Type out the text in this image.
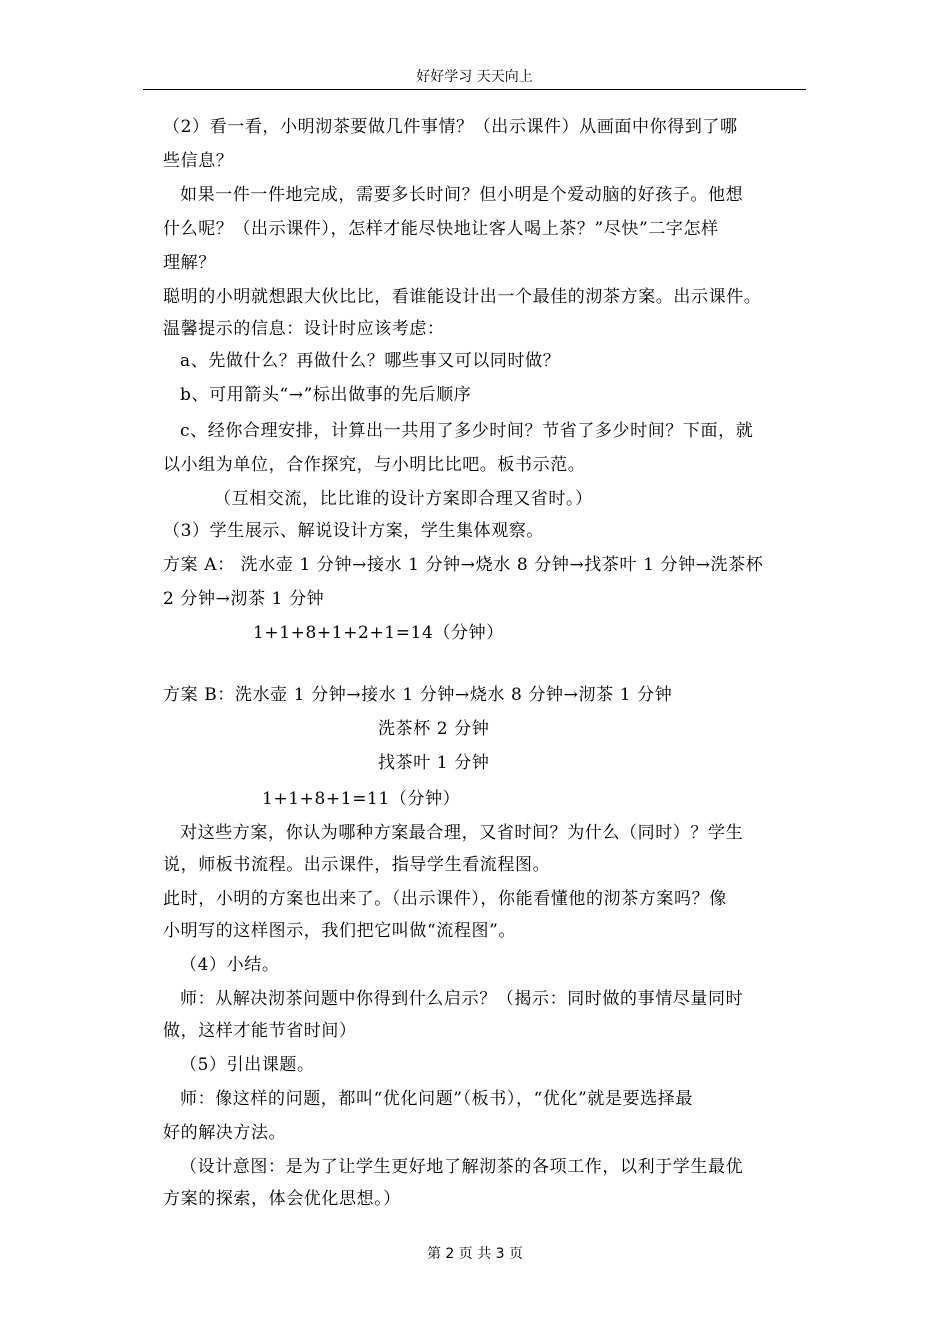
好好学习 天天向上
（2）看一看，小明沏茶要做几件事情？（出示课件）从画面中你得到了哪
些信息？
如果一件一件地完成，需要多长时间？但小明是个爱动脑的好孩子。他想
什么呢？（出示课件），怎样才能尽快地让客人喝上茶？”尽快”二字怎样
理解？
聪明的小明就想跟大伙比比，看谁能设计出一个最佳的沏茶方案。出示课件。
温馨提示的信息：设计时应该考虑：
a、先做什么？再做什么？哪些事又可以同时做？
b、可用箭头“→”标出做事的先后顺序
c、经你合理安排，计算出一共用了多少时间？节省了多少时间？下面，就
以小组为单位，合作探究，与小明比比吧。板书示范。
（互相交流，比比谁的设计方案即合理又省时。）
（3）学生展示、解说设计方案，学生集体观察。
方案 A： 洗水壶 1 分钟→接水 1 分钟→烧水 8 分钟→找茶叶 1 分钟→洗茶杯
2 分钟→沏茶 1 分钟
1+1+8+1+2+1=14（分钟）
方案 B：洗水壶 1 分钟→接水 1 分钟→烧水 8 分钟→沏茶 1 分钟
洗茶杯 2 分钟
找茶叶 1 分钟
1+1+8+1=11（分钟）
对这些方案，你认为哪种方案最合理，又省时间？为什么（同时）？学生
说，师板书流程。出示课件，指导学生看流程图。
此时，小明的方案也出来了。（出示课件），你能看懂他的沏茶方案吗？像
小明写的这样图示，我们把它叫做“流程图”。
（4）小结。
师：从解决沏茶问题中你得到什么启示？（揭示：同时做的事情尽量同时
做，这样才能节省时间）
（5）引出课题。
师：像这样的问题，都叫“优化问题”（板书），“优化”就是要选择最
好的解决方法。
（设计意图：是为了让学生更好地了解沏茶的各项工作，以利于学生最优
方案的探索，体会优化思想。）
第 2 页 共 3 页
